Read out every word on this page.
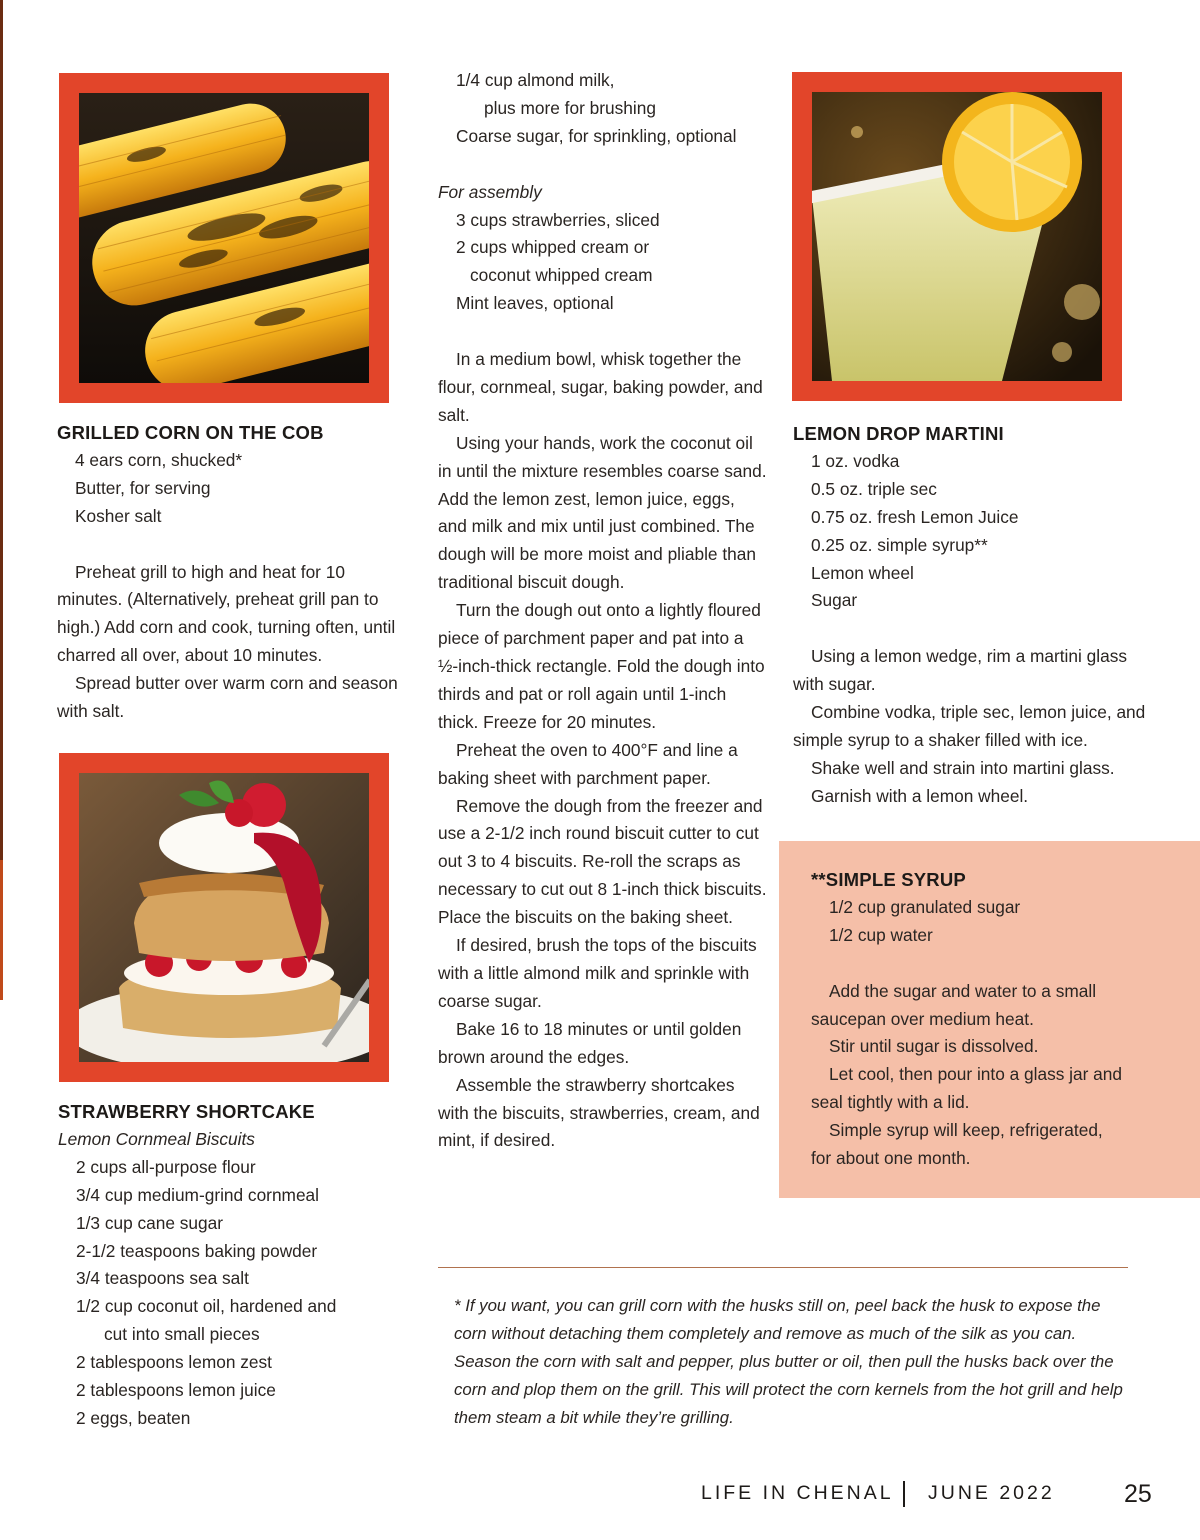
GRILLED CORN ON THE COB

4 ears corn, shucked*

Butter, for serving

Kosher salt

Preheat grill to high and heat for 10 minutes. (Alternatively, preheat grill pan to high.) Add corn and cook, turning often, until charred all over, about 10 minutes.

Spread butter over warm corn and season with salt.

STRAWBERRY SHORTCAKE

Lemon Cornmeal Biscuits

2 cups all-purpose flour

3/4 cup medium-grind cornmeal

1/3 cup cane sugar

2-1/2 teaspoons baking powder

3/4 teaspoons sea salt

1/2 cup coconut oil, hardened and

cut into small pieces

2 tablespoons lemon zest

2 tablespoons lemon juice

2 eggs, beaten

1/4 cup almond milk,

plus more for brushing

Coarse sugar, for sprinkling, optional

For assembly

3 cups strawberries, sliced

2 cups whipped cream or

coconut whipped cream

Mint leaves, optional

In a medium bowl, whisk together the flour, cornmeal, sugar, baking powder, and salt.

Using your hands, work the coconut oil in until the mixture resembles coarse sand. Add the lemon zest, lemon juice, eggs, and milk and mix until just combined. The dough will be more moist and pliable than traditional biscuit dough.

Turn the dough out onto a lightly floured piece of parchment paper and pat into a ½-inch-thick rectangle. Fold the dough into thirds and pat or roll again until 1-inch thick. Freeze for 20 minutes.

Preheat the oven to 400°F and line a baking sheet with parchment paper.

Remove the dough from the freezer and use a 2-1/2 inch round biscuit cutter to cut out 3 to 4 biscuits. Re-roll the scraps as necessary to cut out 8 1-inch thick biscuits. Place the biscuits on the baking sheet.

If desired, brush the tops of the biscuits with a little almond milk and sprinkle with coarse sugar.

Bake 16 to 18 minutes or until golden brown around the edges.

Assemble the strawberry shortcakes with the biscuits, strawberries, cream, and mint, if desired.

LEMON DROP MARTINI

1 oz. vodka

0.5 oz. triple sec

0.75 oz. fresh Lemon Juice

0.25 oz. simple syrup**

Lemon wheel

Sugar

Using a lemon wedge, rim a martini glass with sugar.

Combine vodka, triple sec, lemon juice, and simple syrup to a shaker filled with ice.

Shake well and strain into martini glass.

Garnish with a lemon wheel.

**SIMPLE SYRUP

1/2 cup granulated sugar

1/2 cup water

Add the sugar and water to a small saucepan over medium heat.

Stir until sugar is dissolved.

Let cool, then pour into a glass jar and seal tightly with a lid.

Simple syrup will keep, refrigerated, for about one month.

* If you want, you can grill corn with the husks still on, peel back the husk to expose the corn without detaching them completely and remove as much of the silk as you can. Season the corn with salt and pepper, plus butter or oil, then pull the husks back over the corn and plop them on the grill. This will protect the corn kernels from the hot grill and help them steam a bit while they’re grilling.

LIFE IN CHENAL JUNE 2022	25
